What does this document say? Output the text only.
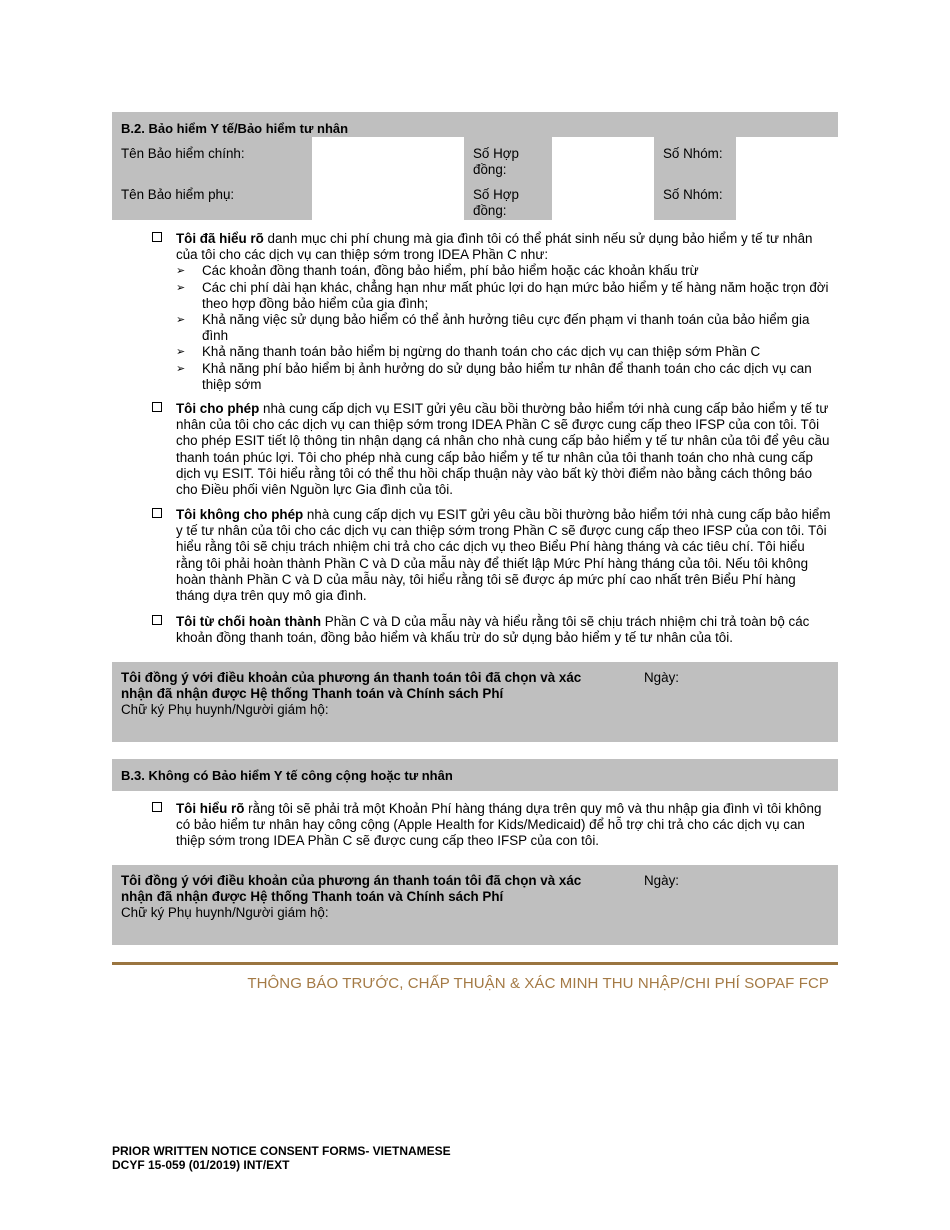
B.2. Bảo hiểm Y tế/Bảo hiểm tư nhân
Tên Bảo hiểm chính:
Tên Bảo hiểm phụ:
Số Hợp đồng:
Số Hợp đồng:
Số Nhóm:
Số Nhóm:
Tôi đã hiểu rõ danh mục chi phí chung mà gia đình tôi có thể phát sinh nếu sử dụng bảo hiểm y tế tư nhân của tôi cho các dịch vụ can thiệp sớm trong IDEA Phần C như:
➢ Các khoản đồng thanh toán, đồng bảo hiểm, phí bảo hiểm hoặc các khoản khấu trừ
➢ Các chi phí dài hạn khác, chẳng hạn như mất phúc lợi do hạn mức bảo hiểm y tế hàng năm hoặc trọn đời theo hợp đồng bảo hiểm của gia đình;
➢ Khả năng việc sử dụng bảo hiểm có thể ảnh hưởng tiêu cực đến phạm vi thanh toán của bảo hiểm gia đình
➢ Khả năng thanh toán bảo hiểm bị ngừng do thanh toán cho các dịch vụ can thiệp sớm Phần C
➢ Khả năng phí bảo hiểm bị ảnh hưởng do sử dụng bảo hiểm tư nhân để thanh toán cho các dịch vụ can thiệp sớm
Tôi cho phép nhà cung cấp dịch vụ ESIT gửi yêu cầu bồi thường bảo hiểm tới nhà cung cấp bảo hiểm y tế tư nhân của tôi cho các dịch vụ can thiệp sớm trong IDEA Phần C sẽ được cung cấp theo IFSP của con tôi. Tôi cho phép ESIT tiết lộ thông tin nhận dạng cá nhân cho nhà cung cấp bảo hiểm y tế tư nhân của tôi để yêu cầu thanh toán phúc lợi. Tôi cho phép nhà cung cấp bảo hiểm y tế tư nhân của tôi thanh toán cho nhà cung cấp dịch vụ ESIT. Tôi hiểu rằng tôi có thể thu hồi chấp thuận này vào bất kỳ thời điểm nào bằng cách thông báo cho Điều phối viên Nguồn lực Gia đình của tôi.
Tôi không cho phép nhà cung cấp dịch vụ ESIT gửi yêu cầu bồi thường bảo hiểm tới nhà cung cấp bảo hiểm y tế tư nhân của tôi cho các dịch vụ can thiệp sớm trong Phần C sẽ được cung cấp theo IFSP của con tôi. Tôi hiểu rằng tôi sẽ chịu trách nhiệm chi trả cho các dịch vụ theo Biểu Phí hàng tháng và các tiêu chí. Tôi hiểu rằng tôi phải hoàn thành Phần C và D của mẫu này để thiết lập Mức Phí hàng tháng của tôi. Nếu tôi không hoàn thành Phần C và D của mẫu này, tôi hiểu rằng tôi sẽ được áp mức phí cao nhất trên Biểu Phí hàng tháng dựa trên quy mô gia đình.
Tôi từ chối hoàn thành Phần C và D của mẫu này và hiểu rằng tôi sẽ chịu trách nhiệm chi trả toàn bộ các khoản đồng thanh toán, đồng bảo hiểm và khấu trừ do sử dụng bảo hiểm y tế tư nhân của tôi.
Tôi đồng ý với điều khoản của phương án thanh toán tôi đã chọn và xác nhận đã nhận được Hệ thống Thanh toán và Chính sách Phí
Chữ ký Phụ huynh/Người giám hộ:
Ngày:
B.3. Không có Bảo hiểm Y tế công cộng hoặc tư nhân
Tôi hiểu rõ rằng tôi sẽ phải trả một Khoản Phí hàng tháng dựa trên quy mô và thu nhập gia đình vì tôi không có bảo hiểm tư nhân hay công cộng (Apple Health for Kids/Medicaid) để hỗ trợ chi trả cho các dịch vụ can thiệp sớm trong IDEA Phần C sẽ được cung cấp theo IFSP của con tôi.
Tôi đồng ý với điều khoản của phương án thanh toán tôi đã chọn và xác nhận đã nhận được Hệ thống Thanh toán và Chính sách Phí
Chữ ký Phụ huynh/Người giám hộ:
Ngày:
THÔNG BÁO TRƯỚC, CHẤP THUẬN & XÁC MINH THU NHẬP/CHI PHÍ SOPAF FCP
PRIOR WRITTEN NOTICE CONSENT FORMS- VIETNAMESE
DCYF 15-059 (01/2019) INT/EXT
